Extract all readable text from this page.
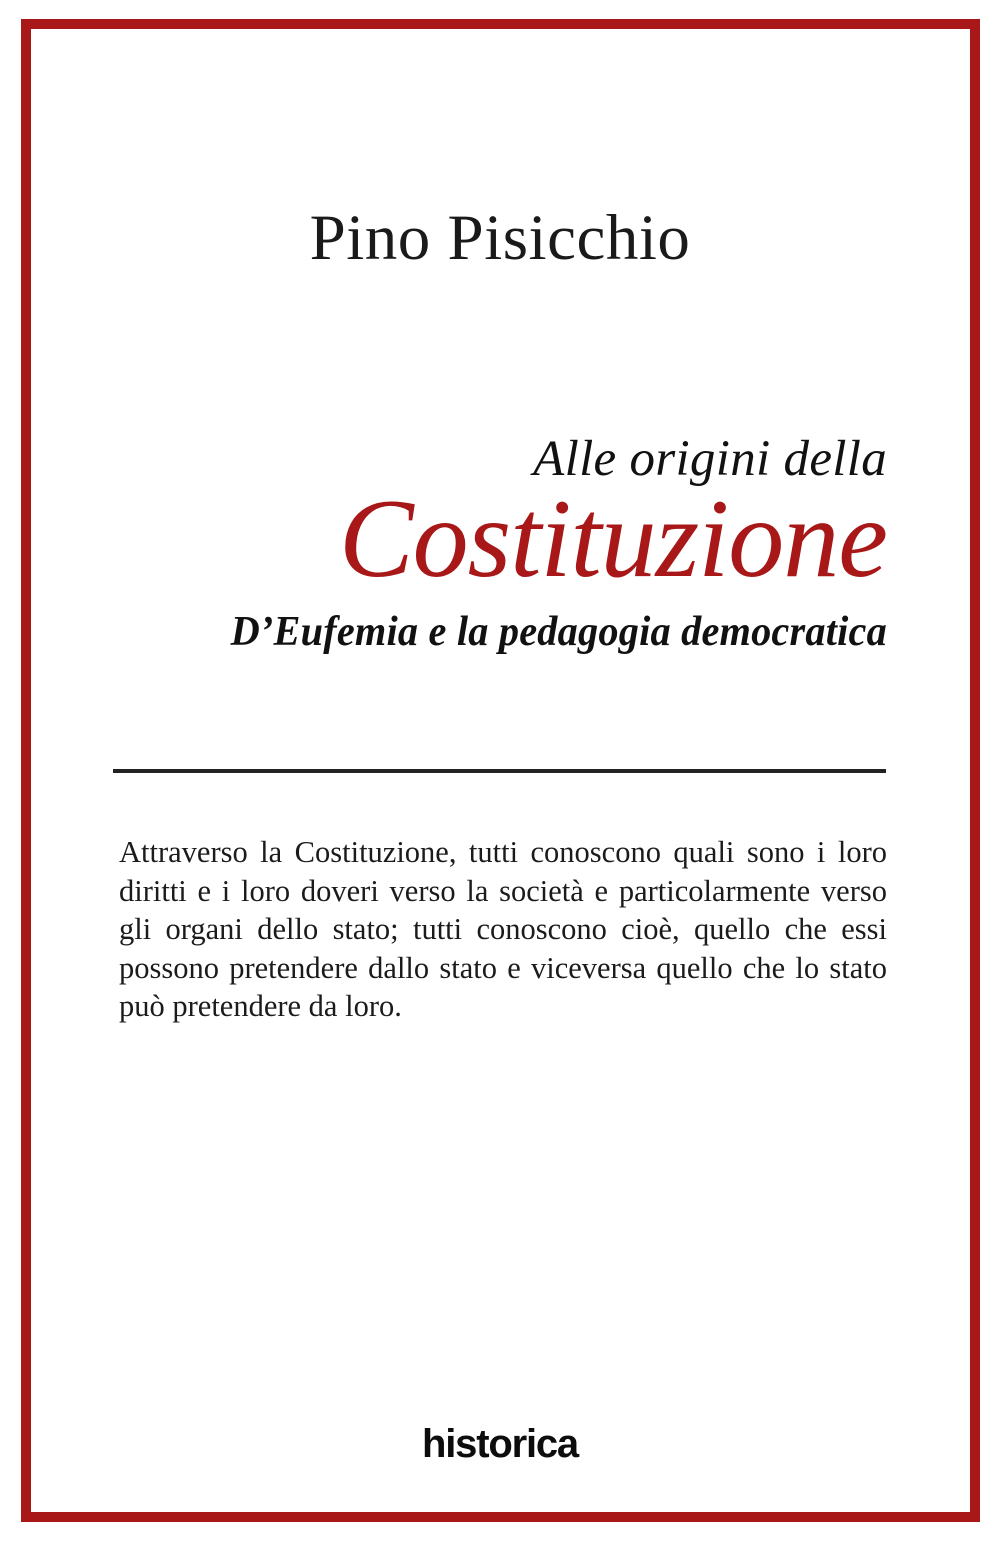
Pino Pisicchio
Alle origini della
Costituzione
D’Eufemia e la pedagogia democratica
Attraverso la Costituzione, tutti conoscono quali sono i loro diritti e i loro doveri verso la società e particolarmente verso gli organi dello stato; tutti conoscono cioè, quello che essi possono pretendere dallo stato e viceversa quello che lo stato può pretendere da loro.
historica
